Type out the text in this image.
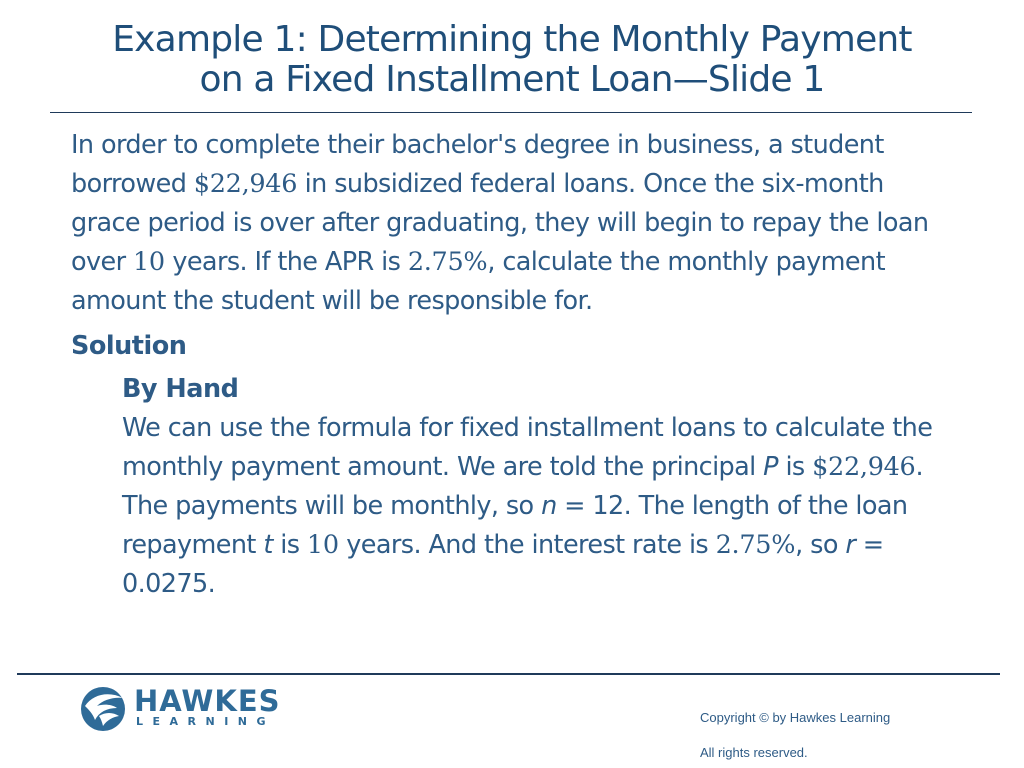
Example 1: Determining the Monthly Payment
on a Fixed Installment Loan—Slide 1

In order to complete their bachelor's degree in business, a student borrowed $22,946 in subsidized federal loans. Once the six-month grace period is over after graduating, they will begin to repay the loan over 10 years. If the APR is 2.75%, calculate the monthly payment amount the student will be responsible for.

Solution

By Hand

We can use the formula for fixed installment loans to calculate the monthly payment amount. We are told the principal P is $22,946. The payments will be monthly, so n = 12. The length of the loan repayment t is 10 years. And the interest rate is 2.75%, so r = 0.0275.

HAWKES
LEARNING	Copyright © by Hawkes Learning
All rights reserved.
